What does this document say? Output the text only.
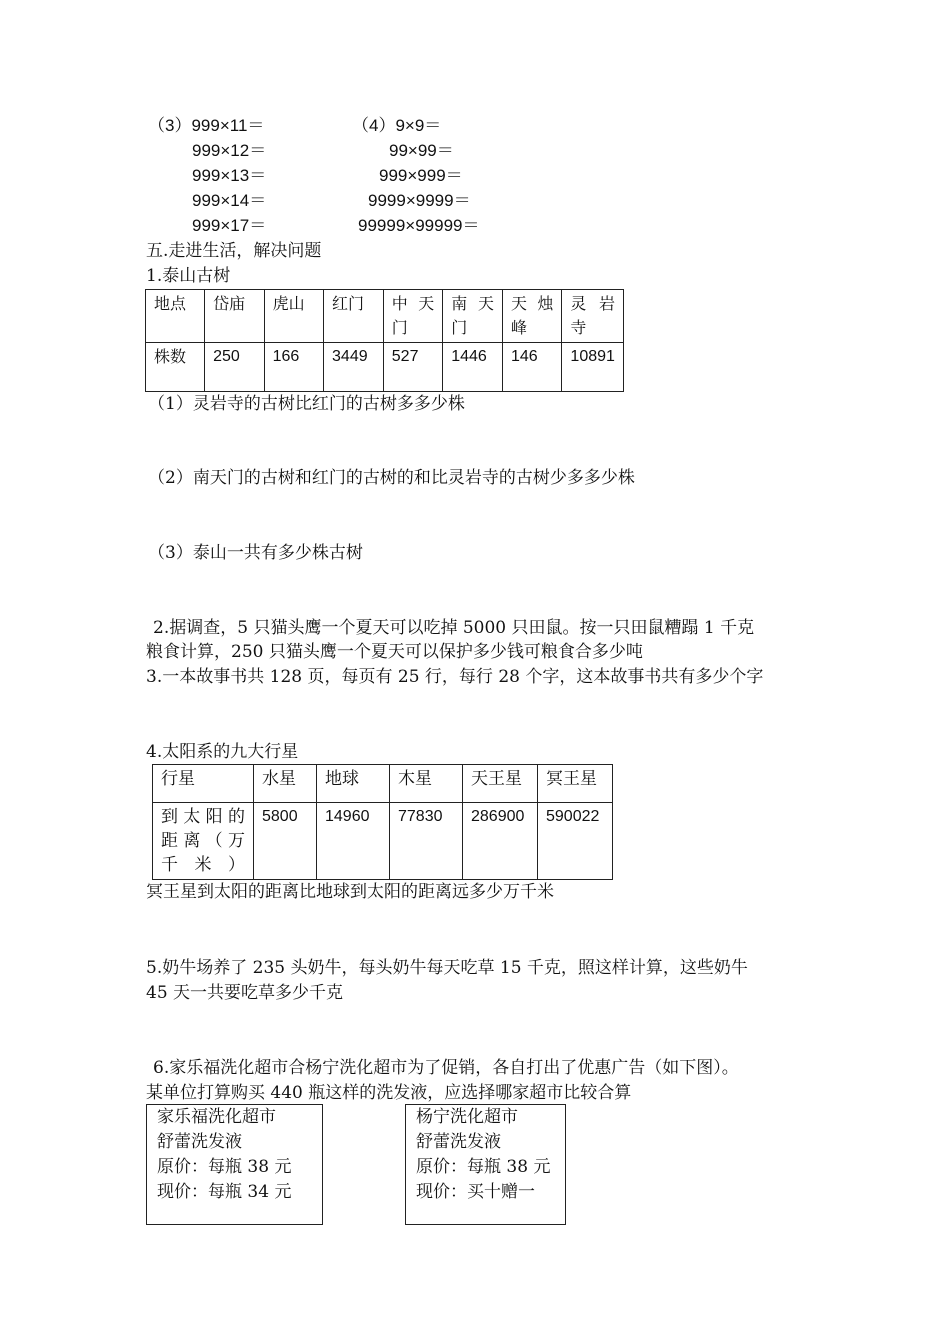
（3）999×11＝
999×12＝
999×13＝
999×14＝
999×17＝
（4）9×9＝
99×99＝
999×999＝
9999×9999＝
99999×99999＝
五.走进生活，解决问题
1.泰山古树
地点	岱庙	虎山	红门	中天门	南天门	天烛峰	灵岩寺
株数	250	166	3449	527	1446	146	10891
（1）灵岩寺的古树比红门的古树多多少株
（2）南天门的古树和红门的古树的和比灵岩寺的古树少多多少株
（3）泰山一共有多少株古树
2.据调查，5 只猫头鹰一个夏天可以吃掉 5000 只田鼠。按一只田鼠糟蹋 1 千克
粮食计算，250 只猫头鹰一个夏天可以保护多少钱可粮食合多少吨
3.一本故事书共 128 页，每页有 25 行，每行 28 个字，这本故事书共有多少个字
4.太阳系的九大行星
行星	水星	地球	木星	天王星	冥王星
到太阳的距离（万千米）	5800	14960	77830	286900	590022
冥王星到太阳的距离比地球到太阳的距离远多少万千米
5.奶牛场养了 235 头奶牛，每头奶牛每天吃草 15 千克，照这样计算，这些奶牛
45 天一共要吃草多少千克
6.家乐福洗化超市合杨宁洗化超市为了促销，各自打出了优惠广告（如下图）。
某单位打算购买 440 瓶这样的洗发液，应选择哪家超市比较合算
家乐福洗化超市
舒蕾洗发液
原价：每瓶 38 元
现价：每瓶 34 元
杨宁洗化超市
舒蕾洗发液
原价：每瓶 38 元
现价：买十赠一
